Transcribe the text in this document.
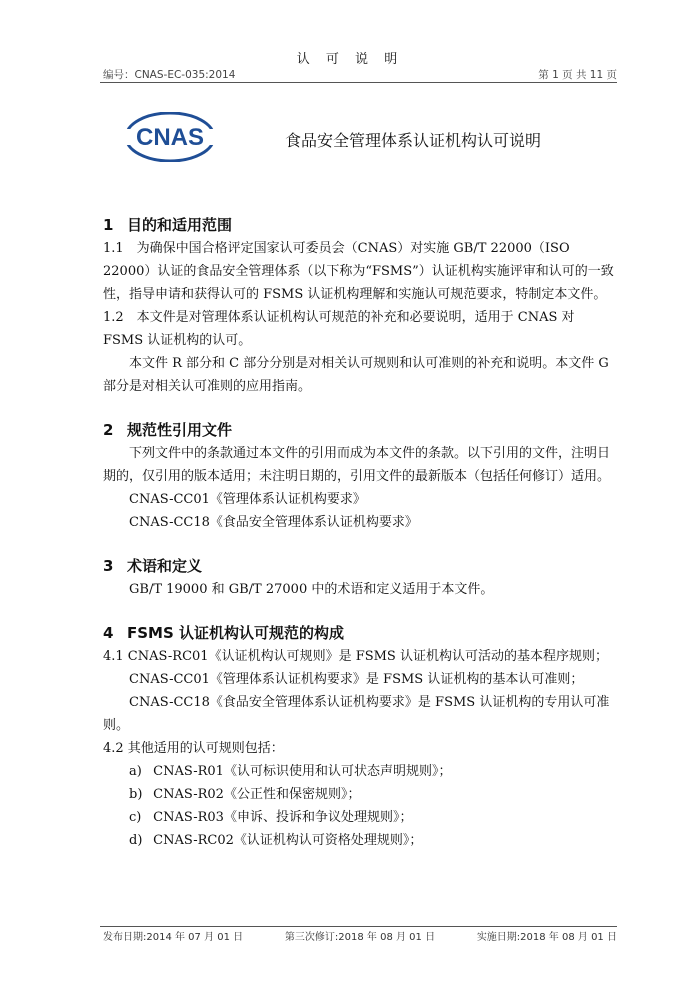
认 可 说 明
编号：CNAS-EC-035:2014	第 1 页 共 11 页
CNAS	食品安全管理体系认证机构认可说明
1 目的和适用范围

1.1　为确保中国合格评定国家认可委员会（CNAS）对实施 GB/T 22000（ISO 22000）认证的食品安全管理体系（以下称为“FSMS”）认证机构实施评审和认可的一致性，指导申请和获得认可的 FSMS 认证机构理解和实施认可规范要求，特制定本文件。

1.2　本文件是对管理体系认证机构认可规范的补充和必要说明，适用于 CNAS 对 FSMS 认证机构的认可。

本文件 R 部分和 C 部分分别是对相关认可规则和认可准则的补充和说明。本文件 G 部分是对相关认可准则的应用指南。

2 规范性引用文件

下列文件中的条款通过本文件的引用而成为本文件的条款。以下引用的文件，注明日期的，仅引用的版本适用；未注明日期的，引用文件的最新版本（包括任何修订）适用。

CNAS-CC01《管理体系认证机构要求》

CNAS-CC18《食品安全管理体系认证机构要求》

3 术语和定义

GB/T 19000 和 GB/T 27000 中的术语和定义适用于本文件。

4 FSMS 认证机构认可规范的构成

4.1 CNAS-RC01《认证机构认可规则》是 FSMS 认证机构认可活动的基本程序规则；

CNAS-CC01《管理体系认证机构要求》是 FSMS 认证机构的基本认可准则；

CNAS-CC18《食品安全管理体系认证机构要求》是 FSMS 认证机构的专用认可准则。

4.2 其他适用的认可规则包括：

a) CNAS-R01《认可标识使用和认可状态声明规则》；
b) CNAS-R02《公正性和保密规则》；
c) CNAS-R03《申诉、投诉和争议处理规则》；
d) CNAS-RC02《认证机构认可资格处理规则》；
发布日期:2014 年 07 月 01 日	第三次修订:2018 年 08 月 01 日	实施日期:2018 年 08 月 01 日
